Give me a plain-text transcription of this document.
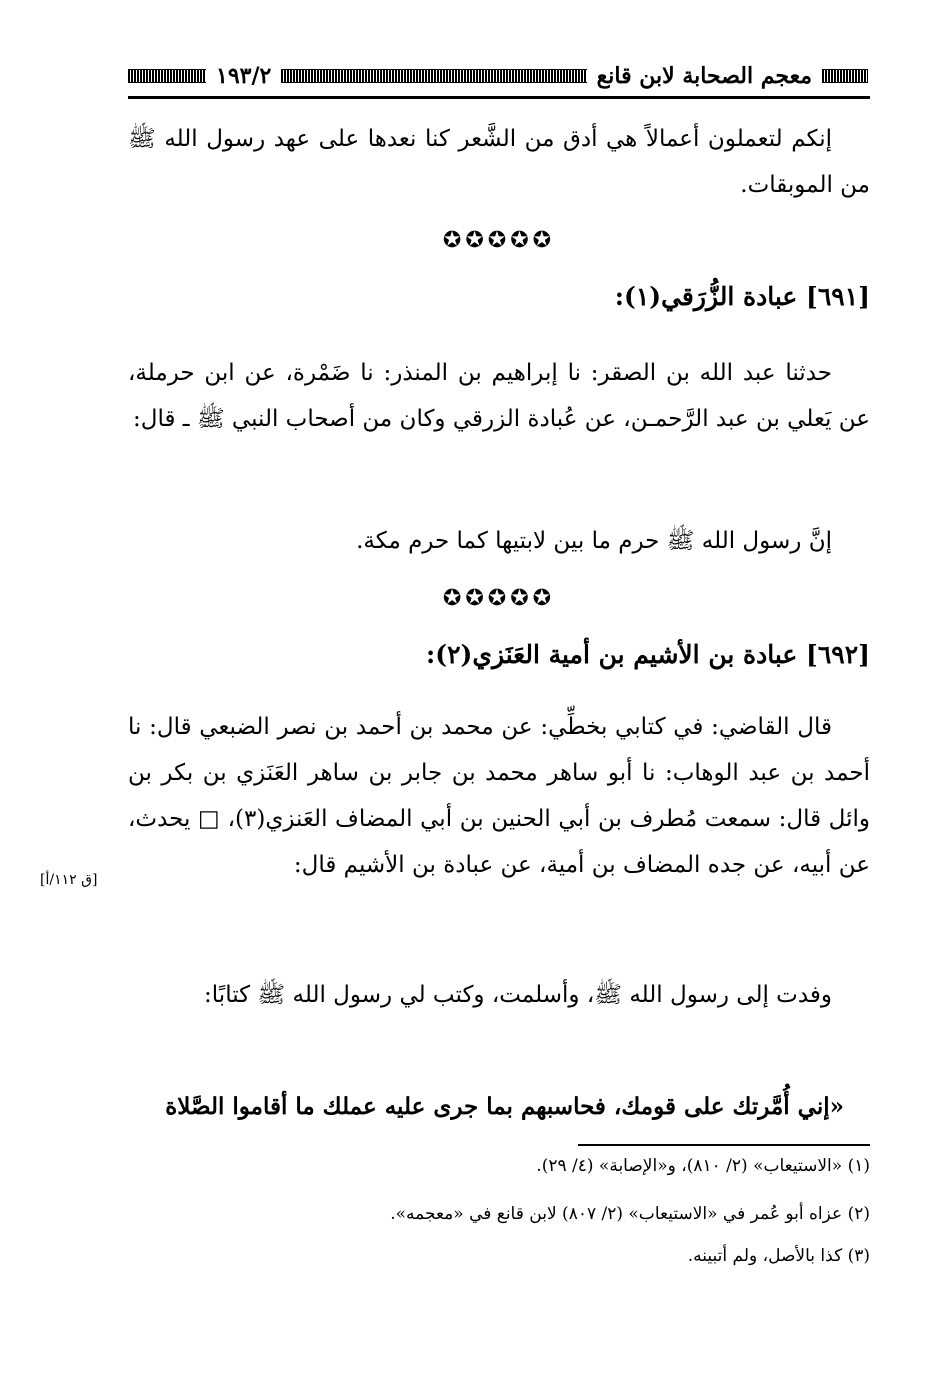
معجم الصحابة لابن قانع
١٩٣/٢
إنكم لتعملون أعمالاً هي أدق من الشَّعر كنا نعدها على عهد رسول الله ﷺ من الموبقات.
✪✪✪✪✪
[٦٩١] عبادة الزُّرَقي(١):
حدثنا عبد الله بن الصقر: نا إبراهيم بن المنذر: نا ضَمْرة، عن ابن حرملة، عن يَعلي بن عبد الرَّحمـن، عن عُبادة الزرقي وكان من أصحاب النبي ﷺ ـ قال:
إنَّ رسول الله ﷺ حرم ما بين لابتيها كما حرم مكة.
✪✪✪✪✪
[٦٩٢] عبادة بن الأشيم بن أمية العَنَزي(٢):
قال القاضي: في كتابي بخطِّي: عن محمد بن أحمد بن نصر الضبعي قال: نا أحمد بن عبد الوهاب: نا أبو ساهر محمد بن جابر بن ساهر العَنَزي بن بكر بن وائل قال: سمعت مُطرف بن أبي الحنين بن أبي المضاف العَنزي(٣)، □ يحدث، عن أبيه، عن جده المضاف بن أمية، عن عبادة بن الأشيم قال:
[ق ١١٢/أ]
وفدت إلى رسول الله ﷺ، وأسلمت، وكتب لي رسول الله ﷺ كتابًا:
«إني أُمَّرتك على قومك، فحاسبهم بما جرى عليه عملك ما أقاموا الصَّلاة
(١) «الاستيعاب» (٢/ ٨١٠)، و«الإصابة» (٤/ ٢٩).
(٢) عزاه أبو عُمر في «الاستيعاب» (٢/ ٨٠٧) لابن قانع في «معجمه».
(٣) كذا بالأصل، ولم أتبينه.
